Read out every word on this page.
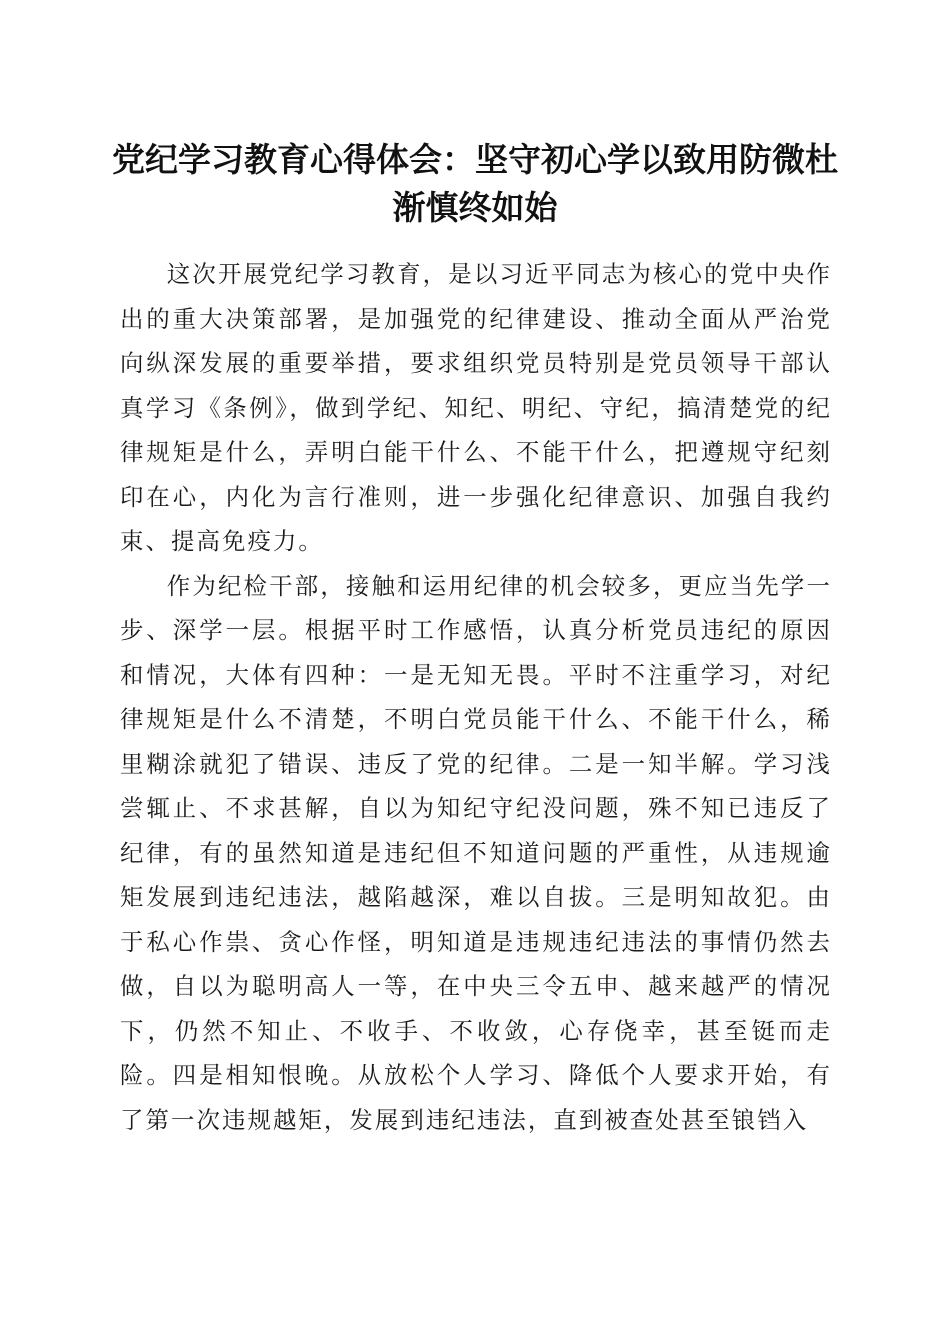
党纪学习教育心得体会：坚守初心学以致用防微杜渐慎终如始

这次开展党纪学习教育，是以习近平同志为核心的党中央作出的重大决策部署，是加强党的纪律建设、推动全面从严治党向纵深发展的重要举措，要求组织党员特别是党员领导干部认真学习《条例》，做到学纪、知纪、明纪、守纪，搞清楚党的纪律规矩是什么，弄明白能干什么、不能干什么，把遵规守纪刻印在心，内化为言行准则，进一步强化纪律意识、加强自我约束、提高免疫力。

作为纪检干部，接触和运用纪律的机会较多，更应当先学一步、深学一层。根据平时工作感悟，认真分析党员违纪的原因和情况，大体有四种：一是无知无畏。平时不注重学习，对纪律规矩是什么不清楚，不明白党员能干什么、不能干什么，稀里糊涂就犯了错误、违反了党的纪律。二是一知半解。学习浅尝辄止、不求甚解，自以为知纪守纪没问题，殊不知已违反了纪律，有的虽然知道是违纪但不知道问题的严重性，从违规逾矩发展到违纪违法，越陷越深，难以自拔。三是明知故犯。由于私心作祟、贪心作怪，明知道是违规违纪违法的事情仍然去做，自以为聪明高人一等，在中央三令五申、越来越严的情况下，仍然不知止、不收手、不收敛，心存侥幸，甚至铤而走险。四是相知恨晚。从放松个人学习、降低个人要求开始，有了第一次违规越矩，发展到违纪违法，直到被查处甚至锒铛入
